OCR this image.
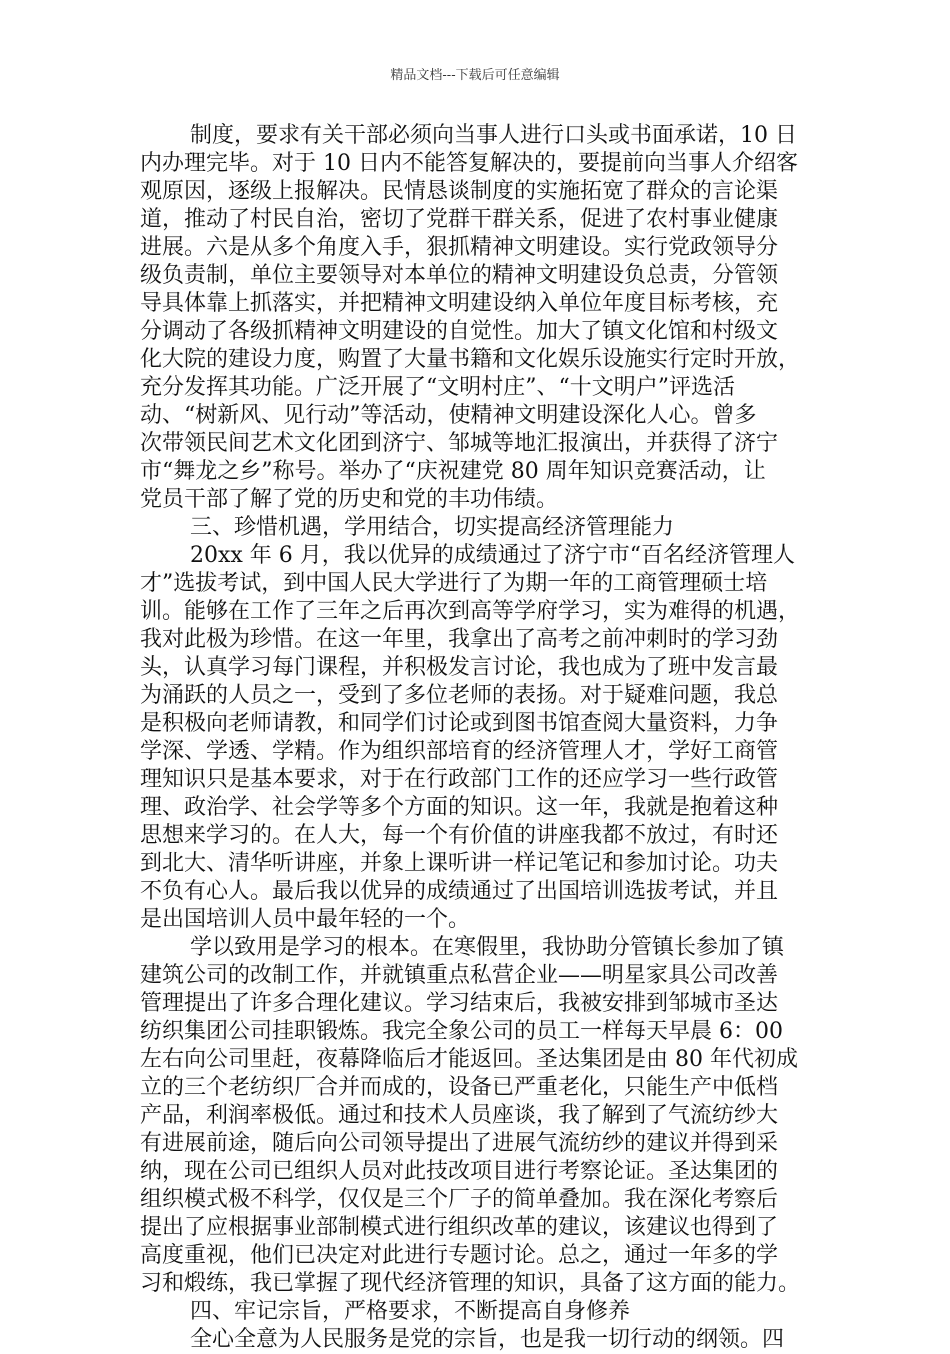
精品文档---下载后可任意编辑
制度，要求有关干部必须向当事人进行口头或书面承诺，10 日
内办理完毕。对于 10 日内不能答复解决的，要提前向当事人介绍客
观原因，逐级上报解决。民情恳谈制度的实施拓宽了群众的言论渠
道，推动了村民自治，密切了党群干群关系，促进了农村事业健康
进展。六是从多个角度入手，狠抓精神文明建设。实行党政领导分
级负责制，单位主要领导对本单位的精神文明建设负总责，分管领
导具体靠上抓落实，并把精神文明建设纳入单位年度目标考核，充
分调动了各级抓精神文明建设的自觉性。加大了镇文化馆和村级文
化大院的建设力度，购置了大量书籍和文化娱乐设施实行定时开放，
充分发挥其功能。广泛开展了“文明村庄”、“十文明户”评选活
动、“树新风、见行动”等活动，使精神文明建设深化人心。曾多
次带领民间艺术文化团到济宁、邹城等地汇报演出，并获得了济宁
市“舞龙之乡”称号。举办了“庆祝建党 80 周年知识竞赛活动，让
党员干部了解了党的历史和党的丰功伟绩。
三、珍惜机遇，学用结合，切实提高经济管理能力
20xx 年 6 月，我以优异的成绩通过了济宁市“百名经济管理人
才”选拔考试，到中国人民大学进行了为期一年的工商管理硕士培
训。能够在工作了三年之后再次到高等学府学习，实为难得的机遇，
我对此极为珍惜。在这一年里，我拿出了高考之前冲刺时的学习劲
头，认真学习每门课程，并积极发言讨论，我也成为了班中发言最
为涌跃的人员之一，受到了多位老师的表扬。对于疑难问题，我总
是积极向老师请教，和同学们讨论或到图书馆查阅大量资料，力争
学深、学透、学精。作为组织部培育的经济管理人才，学好工商管
理知识只是基本要求，对于在行政部门工作的还应学习一些行政管
理、政治学、社会学等多个方面的知识。这一年，我就是抱着这种
思想来学习的。在人大，每一个有价值的讲座我都不放过，有时还
到北大、清华听讲座，并象上课听讲一样记笔记和参加讨论。功夫
不负有心人。最后我以优异的成绩通过了出国培训选拔考试，并且
是出国培训人员中最年轻的一个。
学以致用是学习的根本。在寒假里，我协助分管镇长参加了镇
建筑公司的改制工作，并就镇重点私营企业——明星家具公司改善
管理提出了许多合理化建议。学习结束后，我被安排到邹城市圣达
纺织集团公司挂职锻炼。我完全象公司的员工一样每天早晨 6：00
左右向公司里赶，夜幕降临后才能返回。圣达集团是由 80 年代初成
立的三个老纺织厂合并而成的，设备已严重老化，只能生产中低档
产品，利润率极低。通过和技术人员座谈，我了解到了气流纺纱大
有进展前途，随后向公司领导提出了进展气流纺纱的建议并得到采
纳，现在公司已组织人员对此技改项目进行考察论证。圣达集团的
组织模式极不科学，仅仅是三个厂子的简单叠加。我在深化考察后
提出了应根据事业部制模式进行组织改革的建议，该建议也得到了
高度重视，他们已决定对此进行专题讨论。总之，通过一年多的学
习和煅练，我已掌握了现代经济管理的知识，具备了这方面的能力。
四、牢记宗旨，严格要求，不断提高自身修养
全心全意为人民服务是党的宗旨，也是我一切行动的纲领。四
